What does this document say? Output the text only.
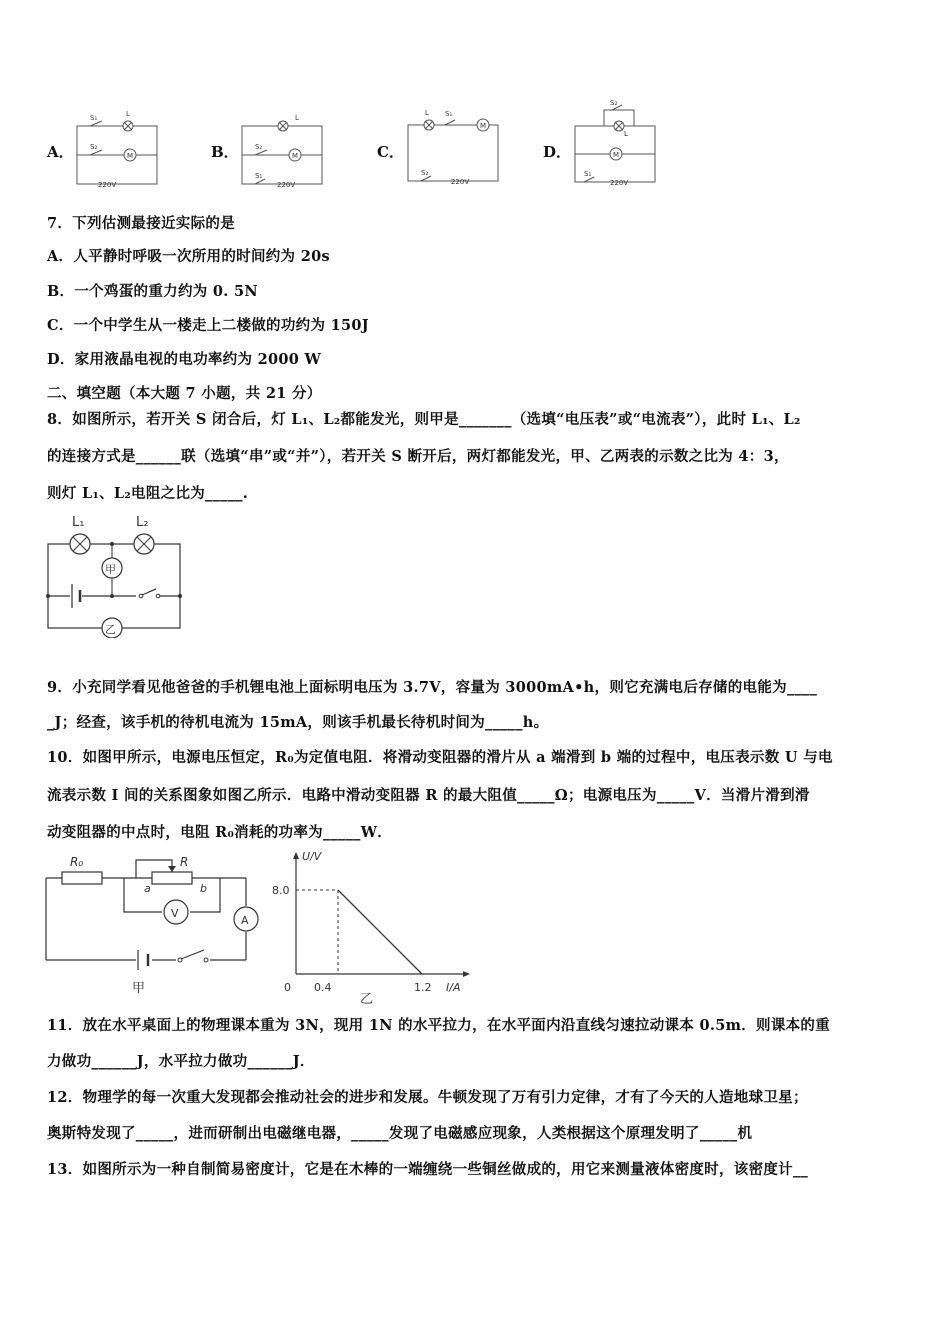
A．
S₁	L
S₂
M
220V
B．
L
S₂
M
S₁
220V
C．
L S₁
M
S₂
220V
D．
S₂
L
M
S₁
220V
7．下列估测最接近实际的是
A．人平静时呼吸一次所用的时间约为 20s
B．一个鸡蛋的重力约为 0. 5N
C．一个中学生从一楼走上二楼做的功约为 150J
D．家用液晶电视的电功率约为 2000 W
二、填空题（本大题 7 小题，共 21 分）
8．如图所示，若开关 S 闭合后，灯 L₁、L₂都能发光，则甲是_______（选填“电压表”或“电流表”），此时 L₁、L₂
的连接方式是______联（选填“串”或“并”），若开关 S 断开后，两灯都能发光，甲、乙两表的示数之比为 4：3，
则灯 L₁、L₂电阻之比为_____.
L₁	L₂
甲
乙
9．小充同学看见他爸爸的手机锂电池上面标明电压为 3.7V，容量为 3000mA•h，则它充满电后存储的电能为____
_J；经查，该手机的待机电流为 15mA，则该手机最长待机时间为_____h。
10．如图甲所示，电源电压恒定，R₀为定值电阻．将滑动变阻器的滑片从 a 端滑到 b 端的过程中，电压表示数 U 与电
流表示数 I 间的关系图象如图乙所示．电路中滑动变阻器 R 的最大阻值_____Ω；电源电压为_____V．当滑片滑到滑
动变阻器的中点时，电阻 R₀消耗的功率为_____W．
R₀	R
a	b
V
A
甲
U/V
I/A
8.0
0 0.4	1.2
乙
11．放在水平桌面上的物理课本重为 3N，现用 1N 的水平拉力，在水平面内沿直线匀速拉动课本 0.5m．则课本的重
力做功______J，水平拉力做功______J．
12．物理学的每一次重大发现都会推动社会的进步和发展。牛顿发现了万有引力定律，才有了今天的人造地球卫星；
奥斯特发现了_____，进而研制出电磁继电器，_____发现了电磁感应现象，人类根据这个原理发明了_____机
13．如图所示为一种自制简易密度计，它是在木棒的一端缠绕一些铜丝做成的，用它来测量液体密度时，该密度计__
